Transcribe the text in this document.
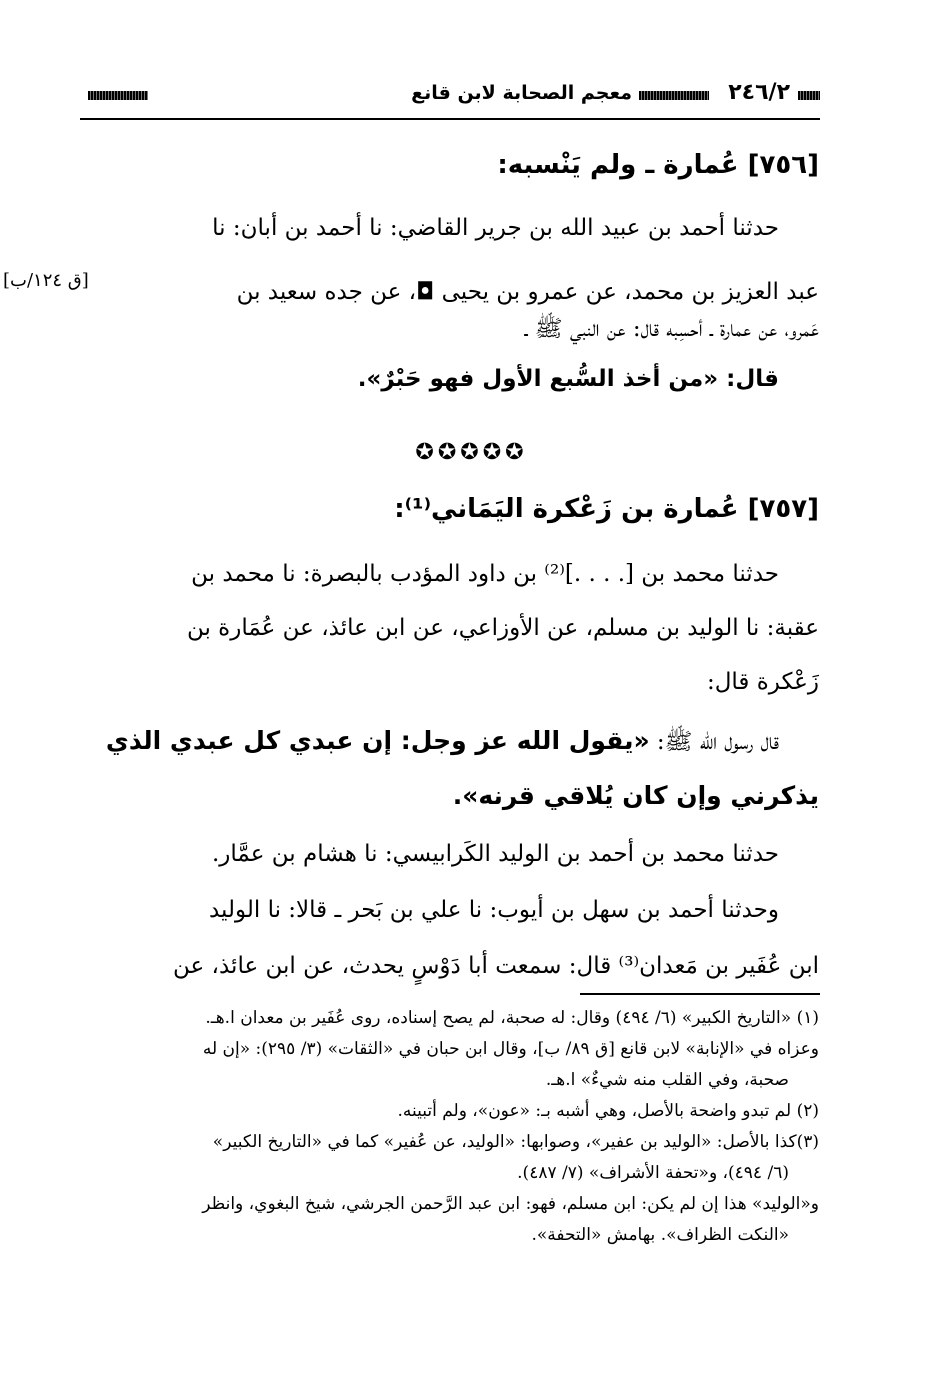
٢٤٦/٢
معجم الصحابة لابن قانع
[٧٥٦] عُمارة ـ ولم يَنْسبه:
[ق ١٢٤/ب]
حدثنا أحمد بن عبيد الله بن جرير القاضي: نا أحمد بن أبان: نا
عبد العزيز بن محمد، عن عمرو بن يحيى ◘، عن جده سعيد بن
عَمرو، عن عمارة ـ أحسِبه قال: عن النبي ﷺ ـ
قال: «من أخذ السُّبع الأول فهو حَبْرٌ».
✪✪✪✪✪
[٧٥٧] عُمارة بن زَعْكرة اليَمَاني⁽¹⁾:
حدثنا محمد بن [. . . .]⁽²⁾ بن داود المؤدب بالبصرة: نا محمد بن
عقبة: نا الوليد بن مسلم، عن الأوزاعي، عن ابن عائذ، عن عُمَارة بن
زَعْكرة قال:
قال رسول الله ﷺ: «يقول الله عز وجل: إن عبدي كل عبدي الذي
يذكرني وإن كان يُلاقي قرنه».
حدثنا محمد بن أحمد بن الوليد الكَرابيسي: نا هشام بن عمَّار.
وحدثنا أحمد بن سهل بن أيوب: نا علي بن بَحر ـ قالا: نا الوليد
ابن عُفَير بن مَعدان⁽³⁾ قال: سمعت أبا دَوْسٍ يحدث، عن ابن عائذ، عن

(١) «التاريخ الكبير» (٦/ ٤٩٤) وقال: له صحبة، لم يصح إسناده، روى عُفَير بن معدان ا.هـ.

وعزاه في «الإنابة» لابن قانع [ق ٨٩/ ب]، وقال ابن حبان في «الثقات» (٣/ ٢٩٥): «إن له

صحبة، وفي القلب منه شيءٌ» ا.هـ.

(٢) لم تبدو واضحة بالأصل، وهي أشبه بـ: «عون»، ولم أتبينه.

(٣)كذا بالأصل: «الوليد بن عفير»، وصوابها: «الوليد، عن عُفير» كما في «التاريخ الكبير»

(٦/ ٤٩٤)، و«تحفة الأشراف» (٧/ ٤٨٧).

و«الوليد» هذا إن لم يكن: ابن مسلم، فهو: ابن عبد الرَّحمن الجرشي، شيخ البغوي، وانظر

«النكت الظراف». بهامش «التحفة».
